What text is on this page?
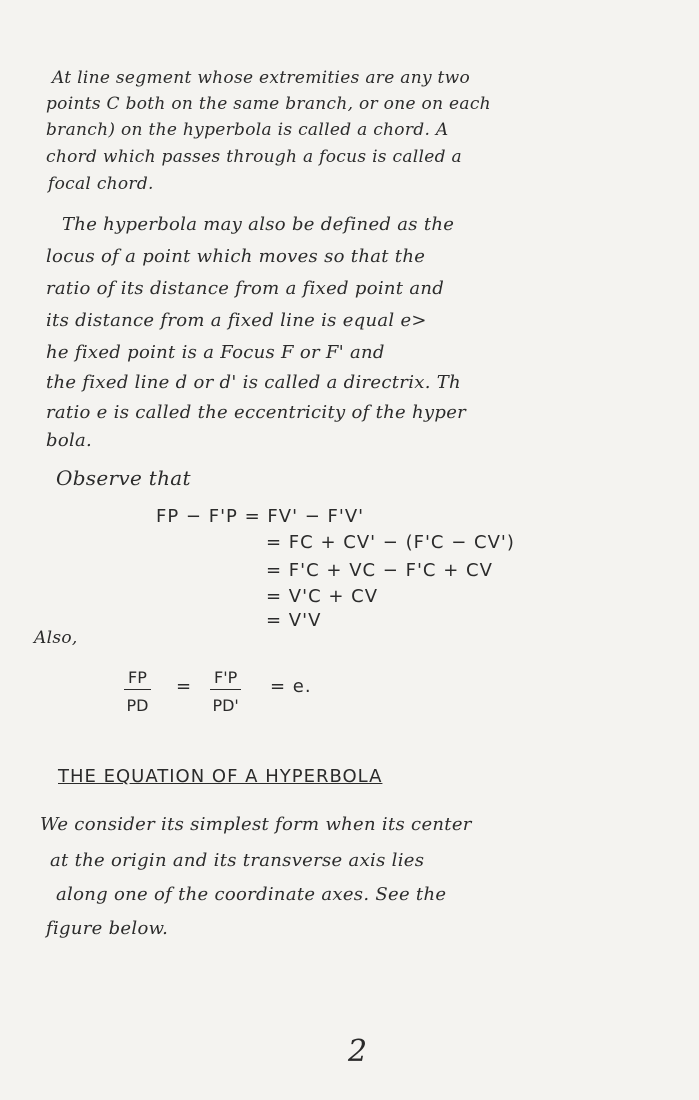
At line segment whose extremities are any two
points C both on the same branch, or one on each
branch) on the hyperbola is called a chord. A
chord which passes through a focus is called a
focal chord.
The hyperbola may also be defined as the
locus of a point which moves so that the
ratio of its distance from a fixed point and
its distance from a fixed line is equal e>
he fixed point is a Focus F or F' and
the fixed line d or d' is called a directrix. Th
ratio e is called the eccentricity of the hyper
bola.
Observe that
FP − F'P = FV' − F'V'
= FC + CV' − (F'C − CV')
= F'C + VC − F'C + CV
= V'C + CV
= V'V
Also,
FP
PD
= F'P
PD'
= e.
THE EQUATION OF A HYPERBOLA
We consider its simplest form when its center
at the origin and its transverse axis lies
along one of the coordinate axes. See the
figure below.
2
